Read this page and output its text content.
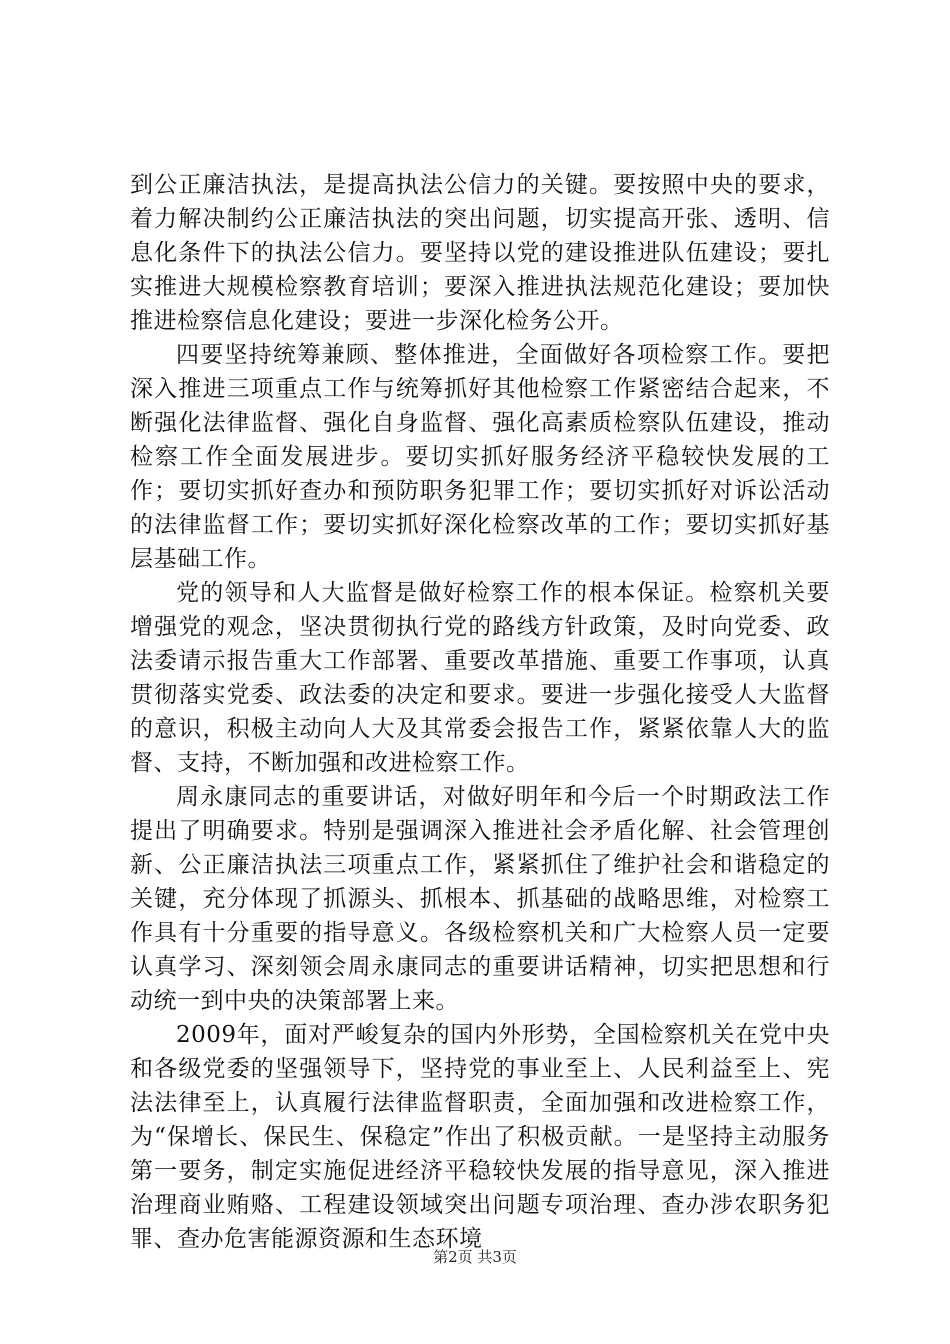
到公正廉洁执法，是提高执法公信力的关键。要按照中央的要求，着力解决制约公正廉洁执法的突出问题，切实提高开张、透明、信息化条件下的执法公信力。要坚持以党的建设推进队伍建设；要扎实推进大规模检察教育培训；要深入推进执法规范化建设；要加快推进检察信息化建设；要进一步深化检务公开。

四要坚持统筹兼顾、整体推进，全面做好各项检察工作。要把深入推进三项重点工作与统筹抓好其他检察工作紧密结合起来，不断强化法律监督、强化自身监督、强化高素质检察队伍建设，推动检察工作全面发展进步。要切实抓好服务经济平稳较快发展的工作；要切实抓好查办和预防职务犯罪工作；要切实抓好对诉讼活动的法律监督工作；要切实抓好深化检察改革的工作；要切实抓好基层基础工作。

党的领导和人大监督是做好检察工作的根本保证。检察机关要增强党的观念，坚决贯彻执行党的路线方针政策，及时向党委、政法委请示报告重大工作部署、重要改革措施、重要工作事项，认真贯彻落实党委、政法委的决定和要求。要进一步强化接受人大监督的意识，积极主动向人大及其常委会报告工作，紧紧依靠人大的监督、支持，不断加强和改进检察工作。

周永康同志的重要讲话，对做好明年和今后一个时期政法工作提出了明确要求。特别是强调深入推进社会矛盾化解、社会管理创新、公正廉洁执法三项重点工作，紧紧抓住了维护社会和谐稳定的关键，充分体现了抓源头、抓根本、抓基础的战略思维，对检察工作具有十分重要的指导意义。各级检察机关和广大检察人员一定要认真学习、深刻领会周永康同志的重要讲话精神，切实把思想和行动统一到中央的决策部署上来。

2009年，面对严峻复杂的国内外形势，全国检察机关在党中央和各级党委的坚强领导下，坚持党的事业至上、人民利益至上、宪法法律至上，认真履行法律监督职责，全面加强和改进检察工作，为“保增长、保民生、保稳定”作出了积极贡献。一是坚持主动服务第一要务，制定实施促进经济平稳较快发展的指导意见，深入推进治理商业贿赂、工程建设领域突出问题专项治理、查办涉农职务犯罪、查办危害能源资源和生态环境

第2页 共3页
